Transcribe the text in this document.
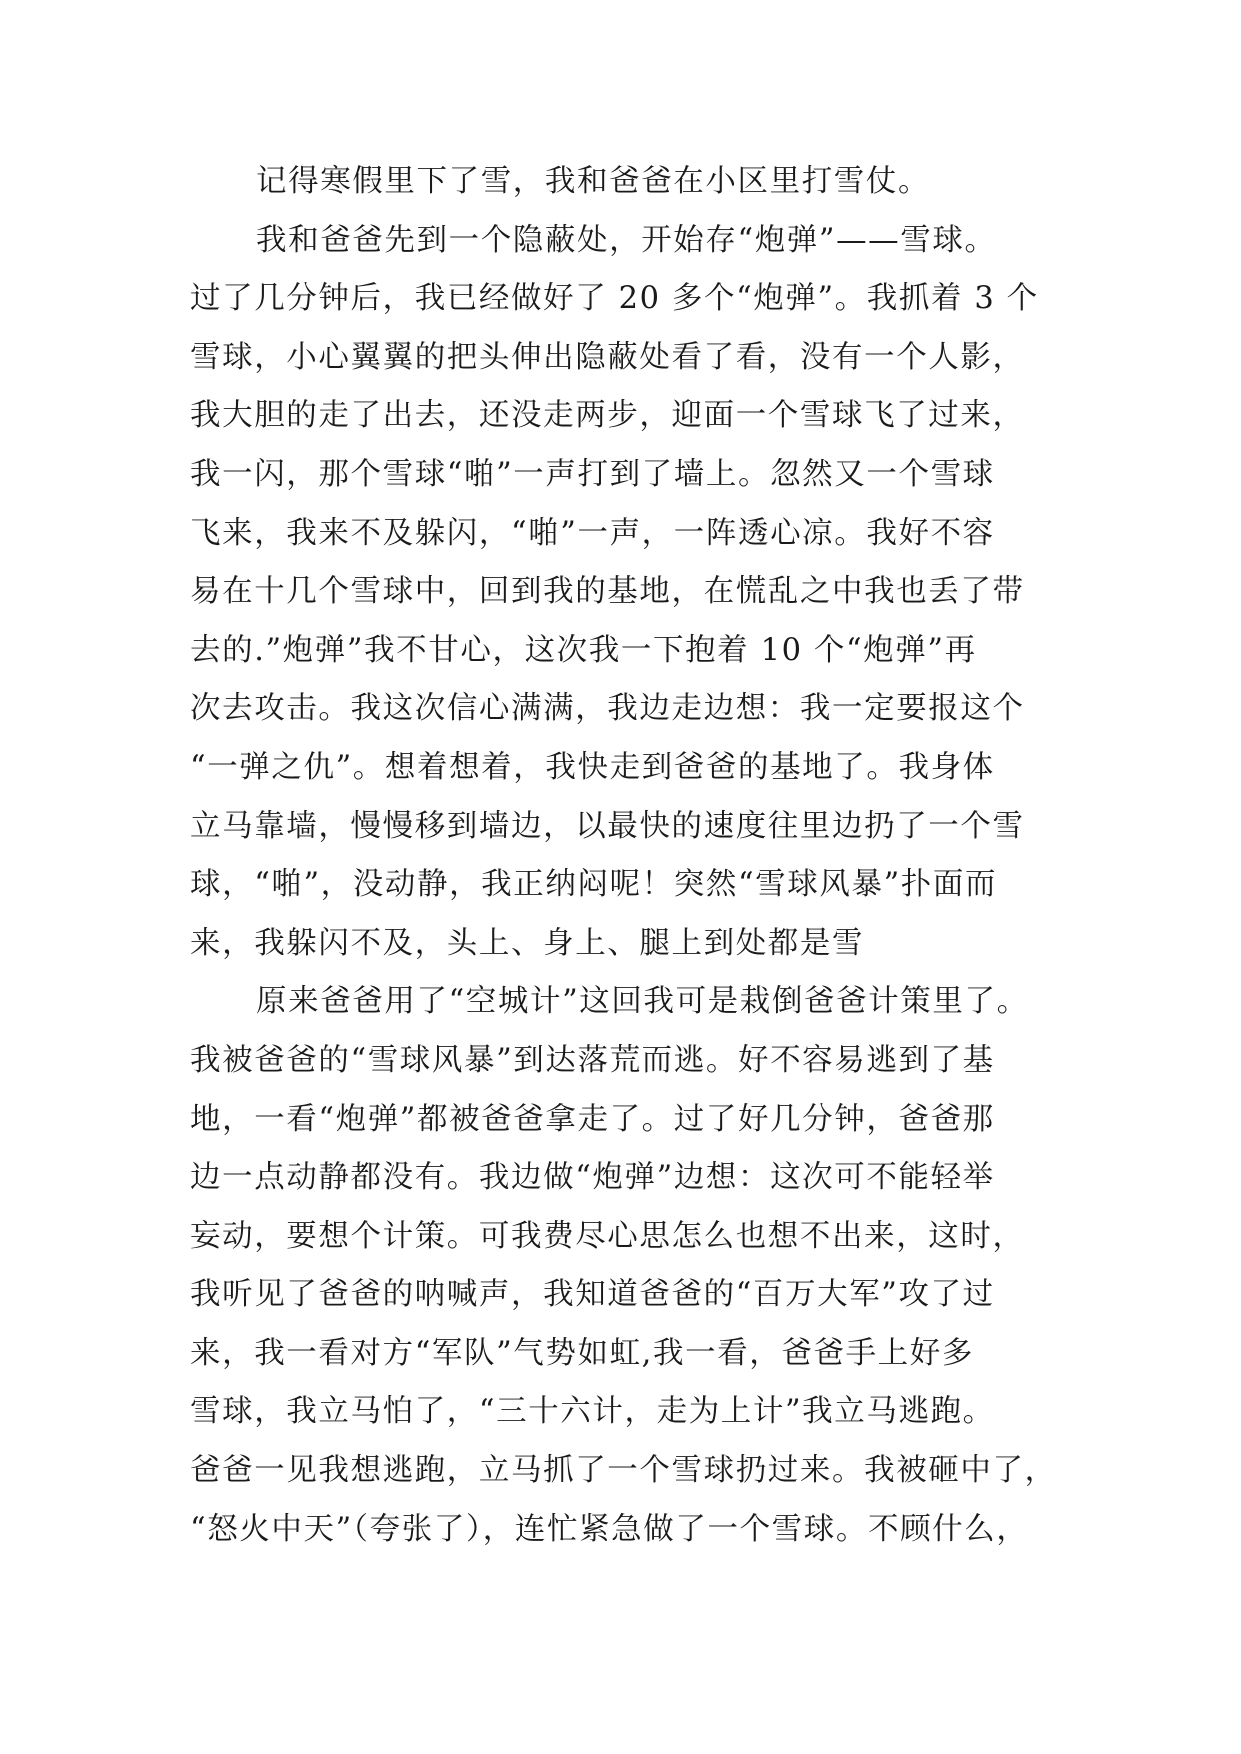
记得寒假里下了雪，我和爸爸在小区里打雪仗。
我和爸爸先到一个隐蔽处，开始存“炮弹”——雪球。
过了几分钟后，我已经做好了 20 多个“炮弹”。我抓着 3 个
雪球，小心翼翼的把头伸出隐蔽处看了看，没有一个人影，
我大胆的走了出去，还没走两步，迎面一个雪球飞了过来，
我一闪，那个雪球“啪”一声打到了墙上。忽然又一个雪球
飞来，我来不及躲闪，“啪”一声，一阵透心凉。我好不容
易在十几个雪球中，回到我的基地，在慌乱之中我也丢了带
去的.”炮弹”我不甘心，这次我一下抱着 10 个“炮弹”再
次去攻击。我这次信心满满，我边走边想：我一定要报这个
“一弹之仇”。想着想着，我快走到爸爸的基地了。我身体
立马靠墙，慢慢移到墙边，以最快的速度往里边扔了一个雪
球，“啪”，没动静，我正纳闷呢！突然“雪球风暴”扑面而
来，我躲闪不及，头上、身上、腿上到处都是雪
原来爸爸用了“空城计”这回我可是栽倒爸爸计策里了。
我被爸爸的“雪球风暴”到达落荒而逃。好不容易逃到了基
地，一看“炮弹”都被爸爸拿走了。过了好几分钟，爸爸那
边一点动静都没有。我边做“炮弹”边想：这次可不能轻举
妄动，要想个计策。可我费尽心思怎么也想不出来，这时，
我听见了爸爸的呐喊声，我知道爸爸的“百万大军”攻了过
来，我一看对方“军队”气势如虹,我一看，爸爸手上好多
雪球，我立马怕了，“三十六计，走为上计”我立马逃跑。
爸爸一见我想逃跑，立马抓了一个雪球扔过来。我被砸中了，
“怒火中天”（夸张了），连忙紧急做了一个雪球。不顾什么，
